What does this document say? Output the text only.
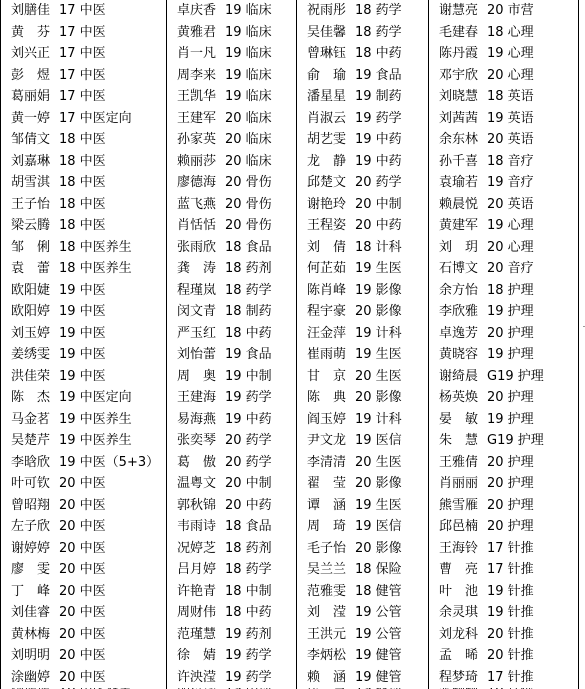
刘膳佳 17 中医	卓庆香 19 临床	祝雨彤 18 药学	谢慧亮 20 市营
黄　芬 17 中医	黄雅君 19 临床	吴佳馨 18 药学	毛建春 18 心理
刘兴正 17 中医	肖一凡 19 临床	曾琳钰 18 中药	陈丹霞 19 心理
彭　煜 17 中医	周李来 19 临床	俞　瑜 19 食品	邓宇欣 20 心理
葛丽娟 17 中医	王凯华 19 临床	潘星星 19 制药	刘晓慧 18 英语
黄一婷 17 中医定向	王建军 20 临床	肖淑云 19 药学	刘茜茜 19 英语
邹倩文 18 中医	孙家英 20 临床	胡艺雯 19 中药	余东林 20 英语
刘嘉琳 18 中医	赖丽莎 20 临床	龙　静 19 中药	孙千喜 18 音疗
胡雪淇 18 中医	廖德海 20 骨伤	邱楚文 20 药学	袁瑜若 19 音疗
王子怡 18 中医	蓝飞燕 20 骨伤	谢艳玲 20 中制	赖晨悦 20 英语
梁云腾 18 中医	肖恬恬 20 骨伤	王程姿 20 中药	黄建军 19 心理
邹　俐 18 中医养生	张雨欣 18 食品	刘　倩 18 计科	刘　玥 20 心理
袁　蕾 18 中医养生	龚　涛 18 药剂	何芷茹 19 生医	石博文 20 音疗
欧阳婕 19 中医	程瑾岚 18 药学	陈肖峰 19 影像	余方怡 18 护理
欧阳婷 19 中医	闵文青 18 制药	程宇豪 20 影像	李欣雅 19 护理
刘玉婷 19 中医	严玉红 18 中药	汪金萍 19 计科	卓逸芳 20 护理
姜绣雯 19 中医	刘怡蕾 19 食品	崔雨萌 19 生医	黄晓容 19 护理
洪佳荣 19 中医	周　奥 19 中制	甘　京 20 生医	谢绮晨 G19 护理
陈　杰 19 中医定向	王建海 19 药学	陈　典 20 影像	杨英焕 20 护理
马金茗 19 中医养生	易海燕 19 中药	阎玉婷 19 计科	晏　敏 19 护理
吴楚芹 19 中医养生	张奕琴 20 药学	尹文龙 19 医信	朱　慧 G19 护理
李晗欣 19 中医（5+3） 葛　傲 20 药学	李清清 20 生医	王雅倩 20 护理
叶可钦 20 中医	温粤文 20 中制	翟　莹 20 影像	肖丽丽 20 护理
曾昭翔 20 中医	郭秋锦 20 中药	谭　涵 19 生医	熊雪雁 20 护理
左子欣 20 中医	韦雨诗 18 食品	周　琦 19 医信	邱邑楠 20 护理
谢婷婷 20 中医	况婷芝 18 药剂	毛子怡 20 影像	王海铃 17 针推
廖　雯 20 中医	吕月婷 18 药学	吴兰兰 18 保险	曹　亮 17 针推
丁　峰 20 中医	许艳青 18 中制	范雅雯 18 健管	叶　池 19 针推
刘佳睿 20 中医	周财伟 18 中药	刘　滢 19 公管	余灵琪 19 针推
黄林梅 20 中医	范瑾慧 19 药剂	王洪元 19 公管	刘龙科 20 针推
刘明明 20 中医	徐　婧 19 药学	李炳松 19 健管	孟　晞 20 针推
涂幽婷 20 中医	许泱滢 19 药学	赖　涵 19 健管	程梦琦 17 针推
